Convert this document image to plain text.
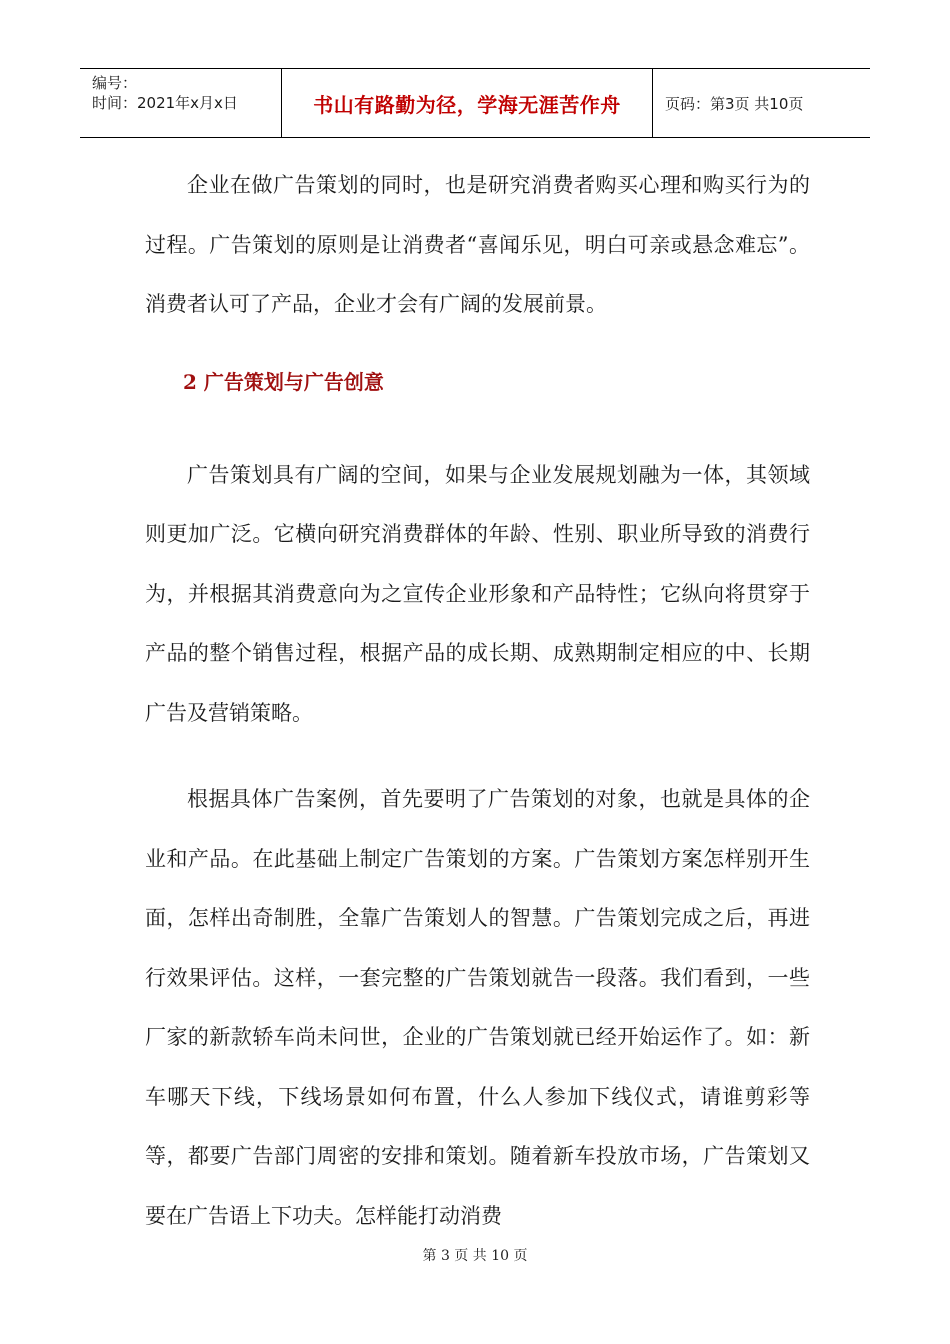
编号：
时间：2021年x月x日	书山有路勤为径，学海无涯苦作舟	页码：第3页 共10页

企业在做广告策划的同时，也是研究消费者购买心理和购买行为的过程。广告策划的原则是让消费者“喜闻乐见，明白可亲或悬念难忘”。消费者认可了产品，企业才会有广阔的发展前景。

2 广告策划与广告创意

广告策划具有广阔的空间，如果与企业发展规划融为一体，其领域则更加广泛。它横向研究消费群体的年龄、性别、职业所导致的消费行为，并根据其消费意向为之宣传企业形象和产品特性；它纵向将贯穿于产品的整个销售过程，根据产品的成长期、成熟期制定相应的中、长期广告及营销策略。

根据具体广告案例，首先要明了广告策划的对象，也就是具体的企业和产品。在此基础上制定广告策划的方案。广告策划方案怎样别开生面，怎样出奇制胜，全靠广告策划人的智慧。广告策划完成之后，再进行效果评估。这样，一套完整的广告策划就告一段落。我们看到，一些厂家的新款轿车尚未问世，企业的广告策划就已经开始运作了。如：新车哪天下线，下线场景如何布置，什么人参加下线仪式，请谁剪彩等等，都要广告部门周密的安排和策划。随着新车投放市场，广告策划又要在广告语上下功夫。怎样能打动消费

第 3 页 共 10 页
